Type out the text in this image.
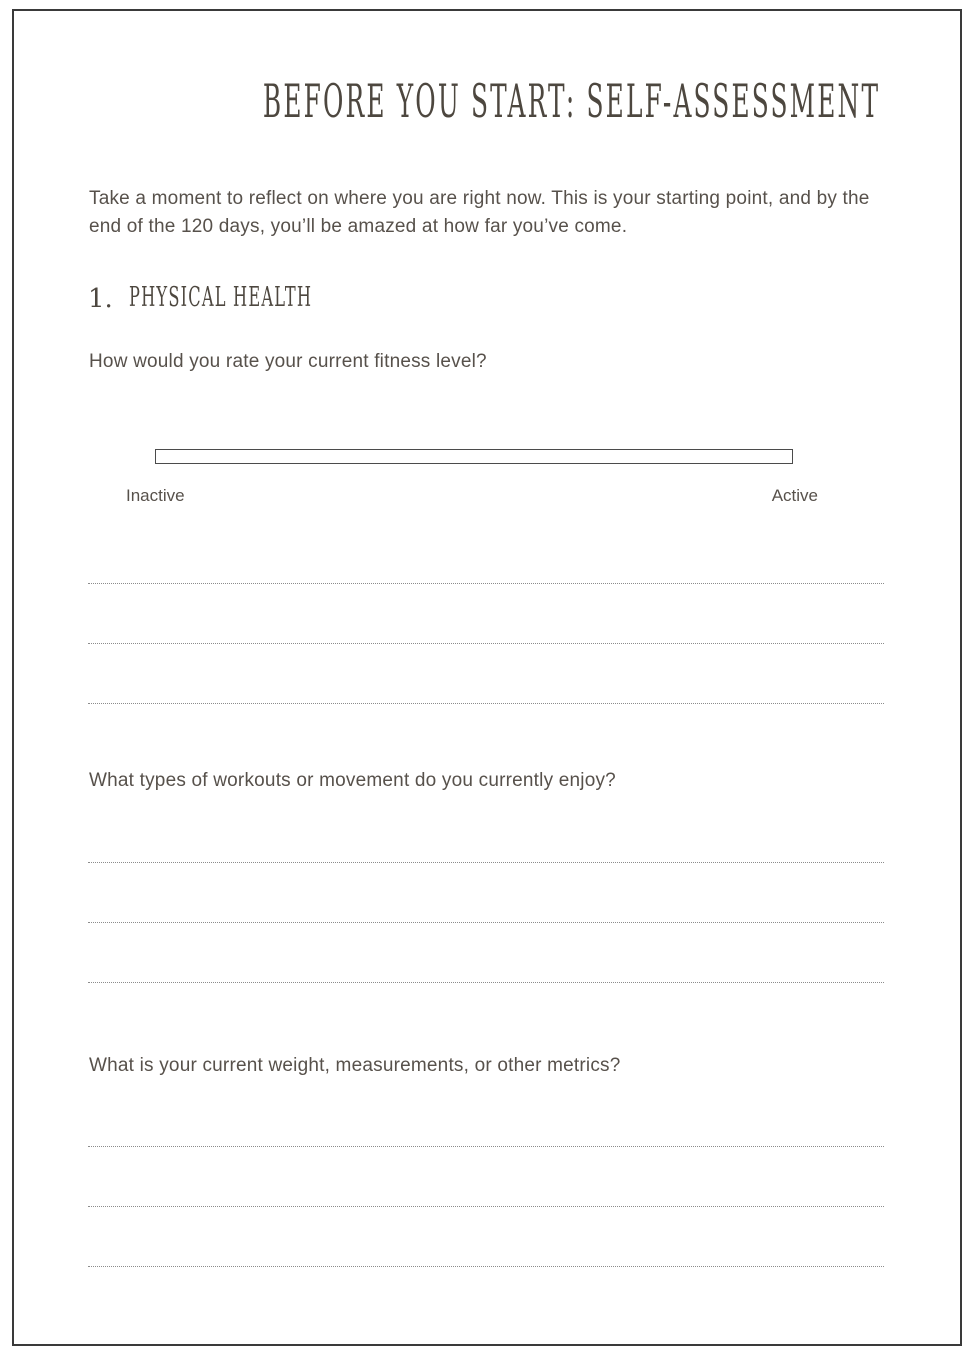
BEFORE YOU START: SELF-ASSESSMENT

Take a moment to reflect on where you are right now. This is your starting point, and by the end of the 120 days, you’ll be amazed at how far you’ve come.

1. PHYSICAL HEALTH
How would you rate your current fitness level?
Inactive	Active
What types of workouts or movement do you currently enjoy?
What is your current weight, measurements, or other metrics?
